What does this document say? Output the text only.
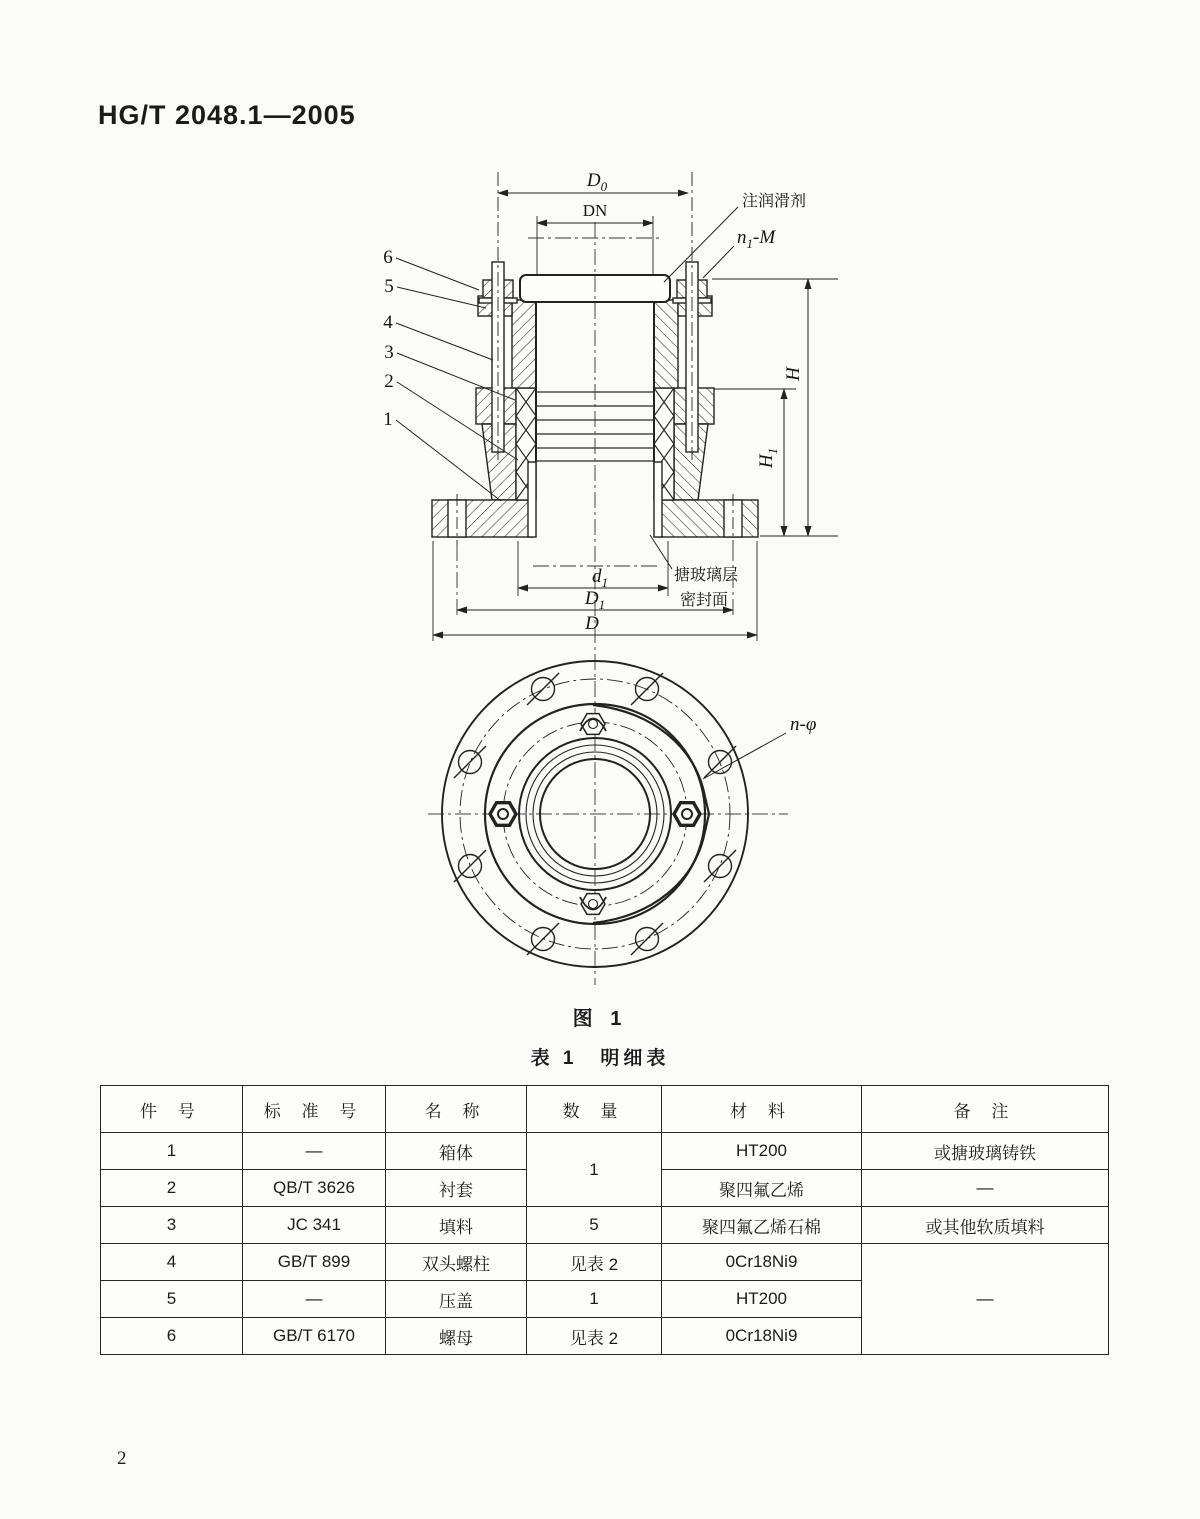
HG/T 2048.1—2005
$D_0$
DN
H
$H_1$
$d_1$
$D_1$
D
注润滑剂
$n_1-M$
搪玻璃层
密封面
6
5
4
3
2
1
n-φ
图 1
表 1　明细表
件 号	标 准 号	名 称	数 量	材 料	备 注
1	—	箱体	1	HT200	或搪玻璃铸铁
2	QB/T 3626	衬套		聚四氟乙烯	—
3	JC 341	填料	5	聚四氟乙烯石棉	或其他软质填料
4	GB/T 899	双头螺柱	见表 2	0Cr18Ni9	—
5	—	压盖	1	HT200	
6	GB/T 6170	螺母	见表 2	0Cr18Ni9	
2
